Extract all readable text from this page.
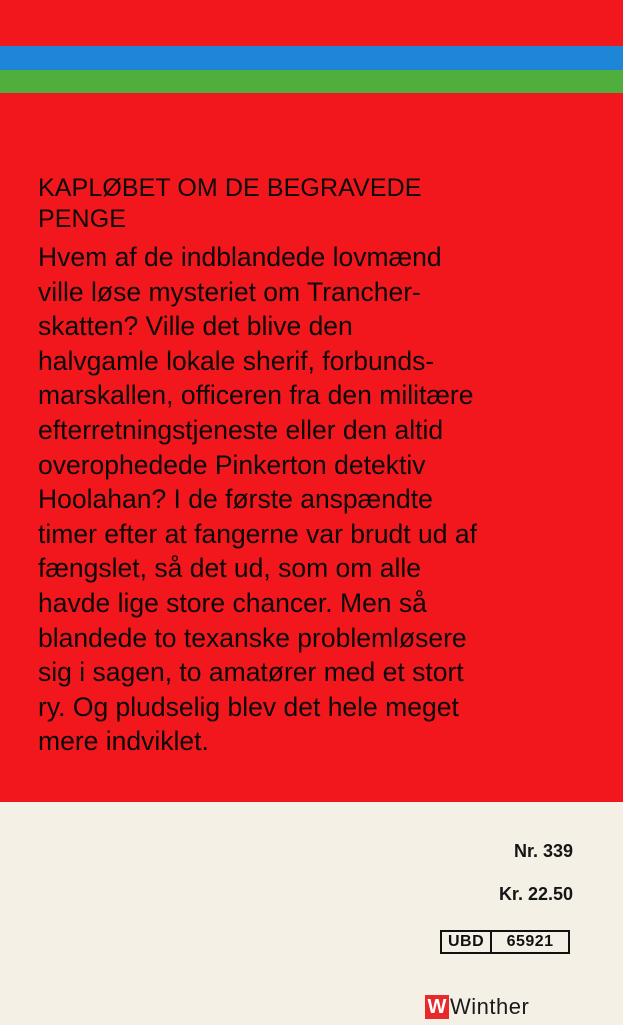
KAPLØBET OM DE BEGRAVEDE
PENGE

Hvem af de indblandede lovmænd
ville løse mysteriet om Trancher-
skatten? Ville det blive den
halvgamle lokale sherif, forbunds-
marskallen, officeren fra den militære
efterretningstjeneste eller den altid
overophedede Pinkerton detektiv
Hoolahan? I de første anspændte
timer efter at fangerne var brudt ud af
fængslet, så det ud, som om alle
havde lige store chancer. Men så
blandede to texanske problemløsere
sig i sagen, to amatører med et stort
ry. Og pludselig blev det hele meget
mere indviklet.

Nr. 339
Kr. 22.50
UBD	65921
W Winther
